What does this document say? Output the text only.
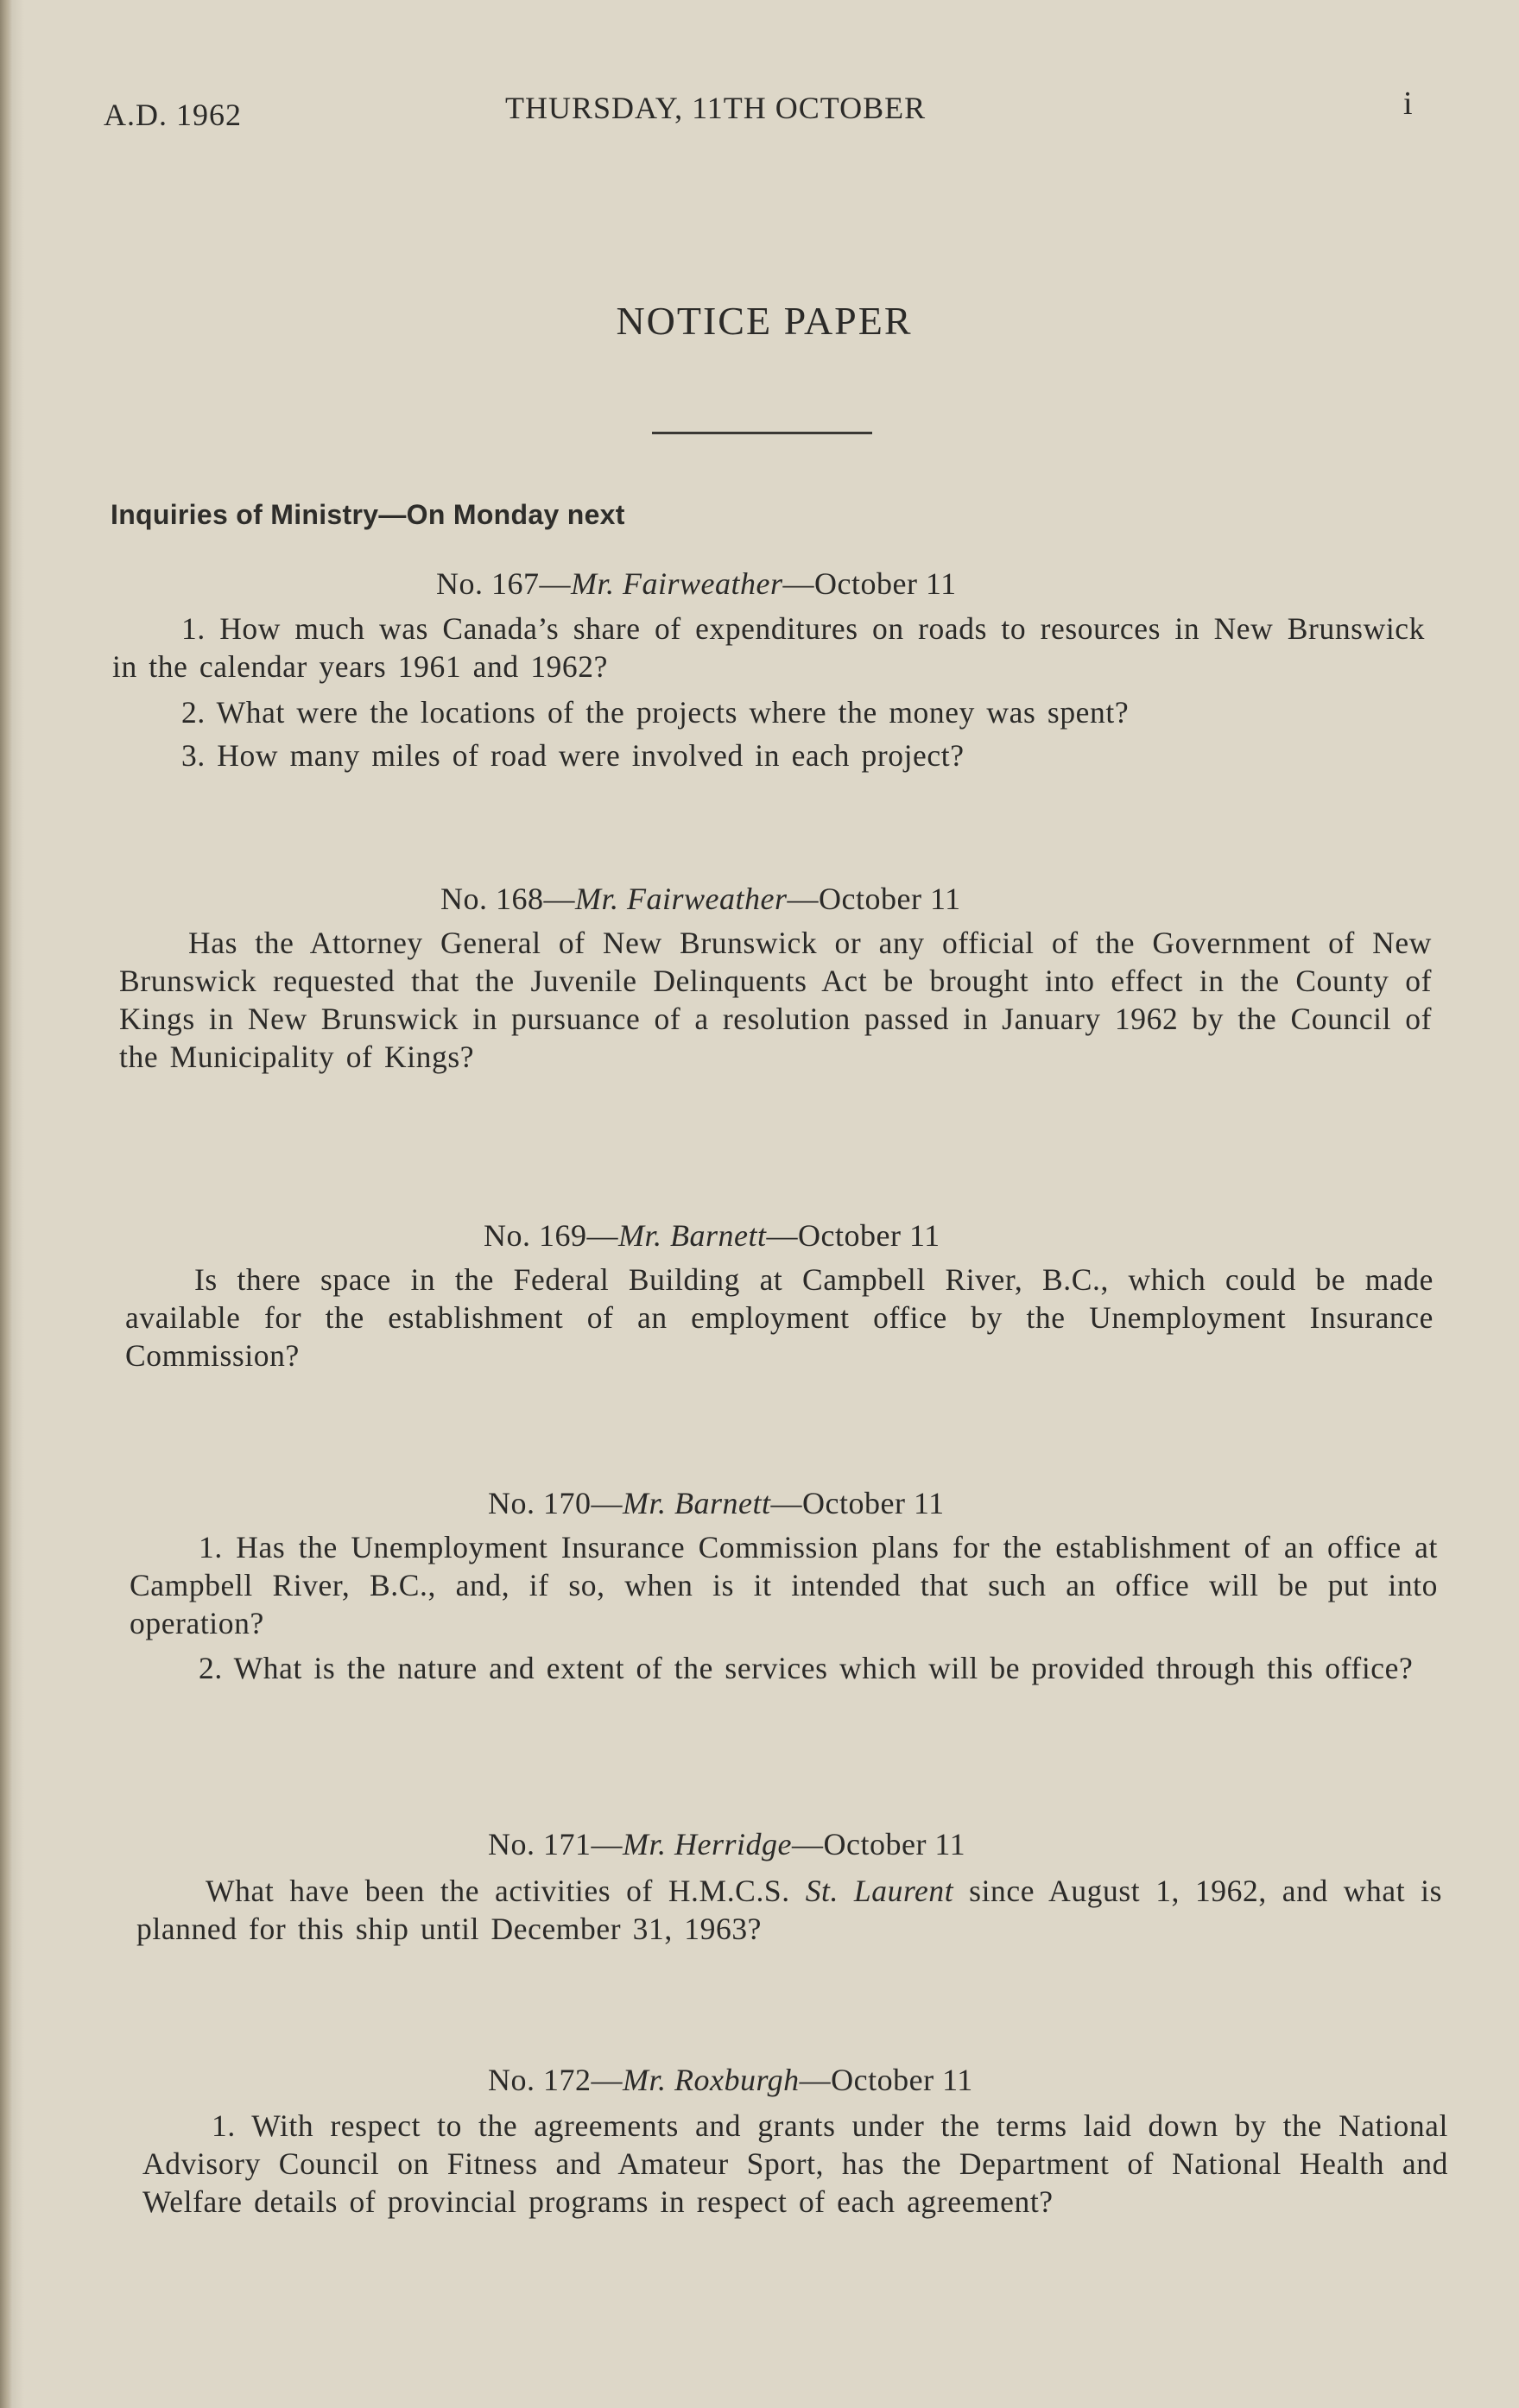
A.D. 1962	THURSDAY, 11TH OCTOBER	i
NOTICE PAPER
Inquiries of Ministry—On Monday next
No. 167—Mr. Fairweather—October 11
1. How much was Canada’s share of expenditures on roads to resources in New Brunswick in the calendar years 1961 and 1962?
2. What were the locations of the projects where the money was spent?
3. How many miles of road were involved in each project?
No. 168—Mr. Fairweather—October 11
Has the Attorney General of New Brunswick or any official of the Government of New Brunswick requested that the Juvenile Delinquents Act be brought into effect in the County of Kings in New Brunswick in pursuance of a resolution passed in January 1962 by the Council of the Municipality of Kings?
No. 169—Mr. Barnett—October 11
Is there space in the Federal Building at Campbell River, B.C., which could be made available for the establishment of an employment office by the Unemployment Insurance Commission?
No. 170—Mr. Barnett—October 11
1. Has the Unemployment Insurance Commission plans for the establishment of an office at Campbell River, B.C., and, if so, when is it intended that such an office will be put into operation?
2. What is the nature and extent of the services which will be provided through this office?
No. 171—Mr. Herridge—October 11
What have been the activities of H.M.C.S. St. Laurent since August 1, 1962, and what is planned for this ship until December 31, 1963?
No. 172—Mr. Roxburgh—October 11
1. With respect to the agreements and grants under the terms laid down by the National Advisory Council on Fitness and Amateur Sport, has the Department of National Health and Welfare details of provincial programs in respect of each agreement?
